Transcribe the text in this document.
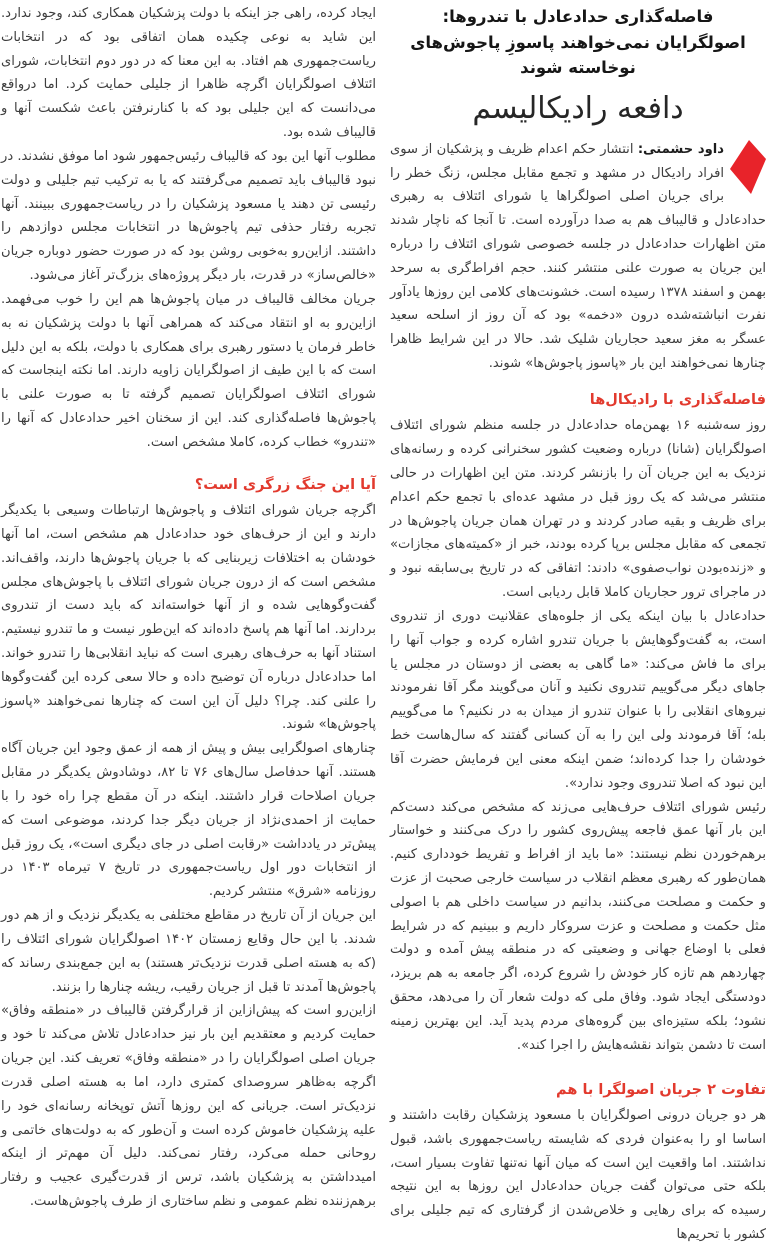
فاصله‌گذاری حدادعادل با تندروها:
اصولگرایان نمی‌خواهند پاسوزِ پاجوش‌های نوخاسته شوند
دافعه رادیکالیسم

داود حشمتی: انتشار حکم اعدام ظریف و پزشکیان از سوی افراد رادیکال در مشهد و تجمع مقابل مجلس، زنگ خطر را برای جریان اصلی اصولگراها یا شورای ائتلاف به رهبری حدادعادل و قالیباف هم به صدا درآورده است. تا آنجا که ناچار شدند متن اظهارات حدادعادل در جلسه خصوصی شورای ائتلاف را درباره این جریان به صورت علنی منتشر کنند. حجم افراط‌گری به سرحد بهمن و اسفند ۱۳۷۸ رسیده است. خشونت‌های کلامی این روزها یادآور نفرت انباشته‌شده درون «دخمه» بود که آن روز از اسلحه سعید عسگر به مغز سعید حجاریان شلیک شد. حالا در این شرایط ظاهرا چنارها نمی‌خواهند این بار «پاسوز پاجوش‌ها» شوند.

فاصله‌گذاری با رادیکال‌ها

روز سه‌شنبه ۱۶ بهمن‌ماه حدادعادل در جلسه منظم شورای ائتلاف اصولگرایان (شانا) درباره وضعیت کشور سخنرانی کرده و رسانه‌های نزدیک به این جریان آن را بازنشر کردند. متن این اظهارات در حالی منتشر می‌شد که یک روز قبل در مشهد عده‌ای با تجمع حکم اعدام برای ظریف و بقیه صادر کردند و در تهران همان جریان پاجوش‌ها در تجمعی که مقابل مجلس برپا کرده بودند، خبر از «کمیته‌های مجازات» و «زنده‌بودن نواب‌صفوی» دادند: اتفاقی که در تاریخ بی‌سابقه نبود و در ماجرای ترور حجاریان کاملا قابل ردیابی است.

حدادعادل با بیان اینکه یکی از جلوه‌های عقلانیت دوری از تندروی است، به گفت‌وگوهایش با جریان تندرو اشاره کرده و جواب آنها را برای ما فاش می‌کند: «ما گاهی به بعضی از دوستان در مجلس یا جاهای دیگر می‌گوییم تندروی نکنید و آنان می‌گویند مگر آقا نفرمودند نیروهای انقلابی را با عنوان تندرو از میدان به در نکنیم؟ ما می‌گوییم بله؛ آقا فرمودند ولی این را به آن کسانی گفتند که سال‌هاست خط خودشان را جدا کرده‌اند؛ ضمن اینکه معنی این فرمایش حضرت آقا این نبود که اصلا تندروی وجود ندارد».

رئیس شورای ائتلاف حرف‌هایی می‌زند که مشخص می‌کند دست‌کم این بار آنها عمق فاجعه پیش‌روی کشور را درک می‌کنند و خواستار برهم‌خوردن نظم نیستند: «ما باید از افراط و تفریط خودداری کنیم. همان‌طور که رهبری معظم انقلاب در سیاست خارجی صحبت از عزت و حکمت و مصلحت می‌کنند، بدانیم در سیاست داخلی هم با اصولی مثل حکمت و مصلحت و عزت سروکار داریم و ببینیم که در شرایط فعلی با اوضاع جهانی و وضعیتی که در منطقه پیش آمده و دولت چهاردهم هم تازه کار خودش را شروع کرده، اگر جامعه به هم بریزد، دودستگی ایجاد شود. وفاق ملی که دولت شعار آن را می‌دهد، محقق نشود؛ بلکه ستیزه‌ای بین گروه‌های مردم پدید آید. این بهترین زمینه است تا دشمن بتواند نقشه‌هایش را اجرا کند».

تفاوت ۲ جریان اصولگرا با هم

هر دو جریان درونی اصولگرایان با مسعود پزشکیان رقابت داشتند و اساسا او را به‌عنوان فردی که شایسته ریاست‌جمهوری باشد، قبول نداشتند. اما واقعیت این است که میان آنها نه‌تنها تفاوت بسیار است، بلکه حتی می‌توان گفت جریان حدادعادل این روزها به این نتیجه رسیده که برای رهایی و خلاص‌شدن از گرفتاری که تیم جلیلی برای کشور با تحریم‌ها

ایجاد کرده، راهی جز اینکه با دولت پزشکیان همکاری کند، وجود ندارد. این شاید به نوعی چکیده همان اتفاقی بود که در انتخابات ریاست‌جمهوری هم افتاد. به این معنا که در دور دوم انتخابات، شورای ائتلاف اصولگرایان اگرچه ظاهرا از جلیلی حمایت کرد. اما درواقع می‌دانست که این جلیلی بود که با کنارنرفتن باعث شکست آنها و قالیباف شده بود.

مطلوب آنها این بود که قالیباف رئیس‌جمهور شود اما موفق نشدند. در نبود قالیباف باید تصمیم می‌گرفتند که یا به ترکیب تیم جلیلی و دولت رئیسی تن دهند یا مسعود پزشکیان را در ریاست‌جمهوری ببینند. آنها تجربه رفتار حذفی تیم پاجوش‌ها در انتخابات مجلس دوازدهم را داشتند. ازاین‌رو به‌خوبی روشن بود که در صورت حضور دوباره جریان «خالص‌ساز» در قدرت، بار دیگر پروژه‌های بزرگ‌تر آغاز می‌شود.

جریان مخالف قالیباف در میان پاجوش‌ها هم این را خوب می‌فهمد. ازاین‌رو به او انتقاد می‌کند که همراهی آنها با دولت پزشکیان نه به خاطر فرمان یا دستور رهبری برای همکاری با دولت، بلکه به این دلیل است که با این طیف از اصولگرایان زاویه دارند. اما نکته اینجاست که شورای ائتلاف اصولگرایان تصمیم گرفته تا به صورت علنی با پاجوش‌ها فاصله‌گذاری کند. این از سخنان اخیر حدادعادل که آنها را «تندرو» خطاب کرده، کاملا مشخص است.

آیا این جنگ زرگری است؟

اگرچه جریان شورای ائتلاف و پاجوش‌ها ارتباطات وسیعی با یکدیگر دارند و این از حرف‌های خود حدادعادل هم مشخص است، اما آنها خودشان به اختلافات زیربنایی که با جریان پاجوش‌ها دارند، واقف‌اند. مشخص است که از درون جریان شورای ائتلاف با پاجوش‌های مجلس گفت‌وگوهایی شده و از آنها خواسته‌اند که باید دست از تندروی بردارند. اما آنها هم پاسخ داده‌اند که این‌طور نیست و ما تندرو نیستیم. استناد آنها به حرف‌های رهبری است که نباید انقلابی‌ها را تندرو خواند. اما حدادعادل درباره آن توضیح داده و حالا سعی کرده این گفت‌وگوها را علنی کند. چرا؟ دلیل آن این است که چنارها نمی‌خواهند «پاسوز پاجوش‌ها» شوند.

چنارهای اصولگرایی بیش و پیش از همه از عمق وجود این جریان آگاه هستند. آنها حدفاصل سال‌های ۷۶ تا ۸۲، دوشادوش یکدیگر در مقابل جریان اصلاحات قرار داشتند. اینکه در آن مقطع چرا راه خود را با حمایت از احمدی‌نژاد از جریان دیگر جدا کردند، موضوعی است که پیش‌تر در یادداشت «رقابت اصلی در جای دیگری است»، یک روز قبل از انتخابات دور اول ریاست‌جمهوری در تاریخ ۷ تیرماه ۱۴۰۳ در روزنامه «شرق» منتشر کردیم.

این جریان از آن تاریخ در مقاطع مختلفی به یکدیگر نزدیک و از هم دور شدند. با این حال وقایع زمستان ۱۴۰۲ اصولگرایان شورای ائتلاف را (که به هسته اصلی قدرت نزدیک‌تر هستند) به این جمع‌بندی رساند که پاجوش‌ها آمدند تا قبل از جریان رقیب، ریشه چنارها را بزنند.

ازاین‌رو است که پیش‌ازاین از قرارگرفتن قالیباف در «منطقه وفاق» حمایت کردیم و معتقدیم این بار نیز حدادعادل تلاش می‌کند تا خود و جریان اصلی اصولگرایان را در «منطقه وفاق» تعریف کند. این جریان اگرچه به‌ظاهر سروصدای کمتری دارد، اما به هسته اصلی قدرت نزدیک‌تر است. جریانی که این روزها آتش توپخانه رسانه‌ای خود را علیه پزشکیان خاموش کرده است و آن‌طور که به دولت‌های خاتمی و روحانی حمله می‌کرد، رفتار نمی‌کند. دلیل آن مهم‌تر از اینکه امیدداشتن به پزشکیان باشد، ترس از قدرت‌گیری عجیب و رفتار برهم‌زننده نظم عمومی و نظم ساختاری از طرف پاجوش‌هاست.
